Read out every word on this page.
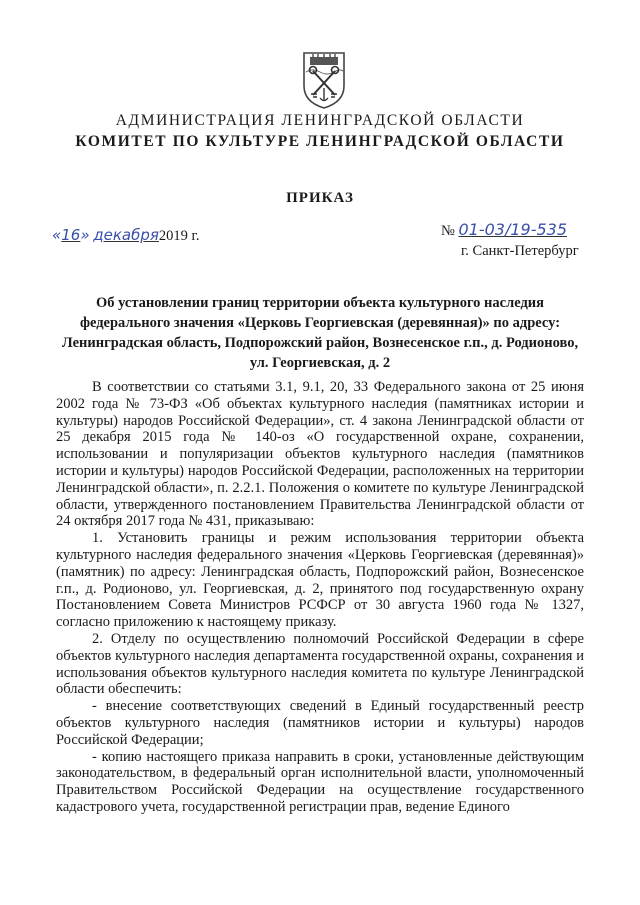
АДМИНИСТРАЦИЯ ЛЕНИНГРАДСКОЙ ОБЛАСТИ
КОМИТЕТ ПО КУЛЬТУРЕ ЛЕНИНГРАДСКОЙ ОБЛАСТИ
ПРИКАЗ
«16» декабря2019 г.	№ 01-03/19-535
г. Санкт-Петербург
Об установлении границ территории объекта культурного наследия федерального значения «Церковь Георгиевская (деревянная)» по адресу: Ленинградская область, Подпорожский район, Вознесенское г.п., д. Родионово, ул. Георгиевская, д. 2

В соответствии со статьями 3.1, 9.1, 20, 33 Федерального закона от 25 июня 2002 года № 73-ФЗ «Об объектах культурного наследия (памятниках истории и культуры) народов Российской Федерации», ст. 4 закона Ленинградской области от 25 декабря 2015 года № 140-оз «О государственной охране, сохранении, использовании и популяризации объектов культурного наследия (памятников истории и культуры) народов Российской Федерации, расположенных на территории Ленинградской области», п. 2.2.1. Положения о комитете по культуре Ленинградской области, утвержденного постановлением Правительства Ленинградской области от 24 октября 2017 года № 431, приказываю:

1. Установить границы и режим использования территории объекта культурного наследия федерального значения «Церковь Георгиевская (деревянная)» (памятник) по адресу: Ленинградская область, Подпорожский район, Вознесенское г.п., д. Родионово, ул. Георгиевская, д. 2, принятого под государственную охрану Постановлением Совета Министров РСФСР от 30 августа 1960 года № 1327, согласно приложению к настоящему приказу.

2. Отделу по осуществлению полномочий Российской Федерации в сфере объектов культурного наследия департамента государственной охраны, сохранения и использования объектов культурного наследия комитета по культуре Ленинградской области обеспечить:

- внесение соответствующих сведений в Единый государственный реестр объектов культурного наследия (памятников истории и культуры) народов Российской Федерации;

- копию настоящего приказа направить в сроки, установленные действующим законодательством, в федеральный орган исполнительной власти, уполномоченный Правительством Российской Федерации на осуществление государственного кадастрового учета, государственной регистрации прав, ведение Единого
